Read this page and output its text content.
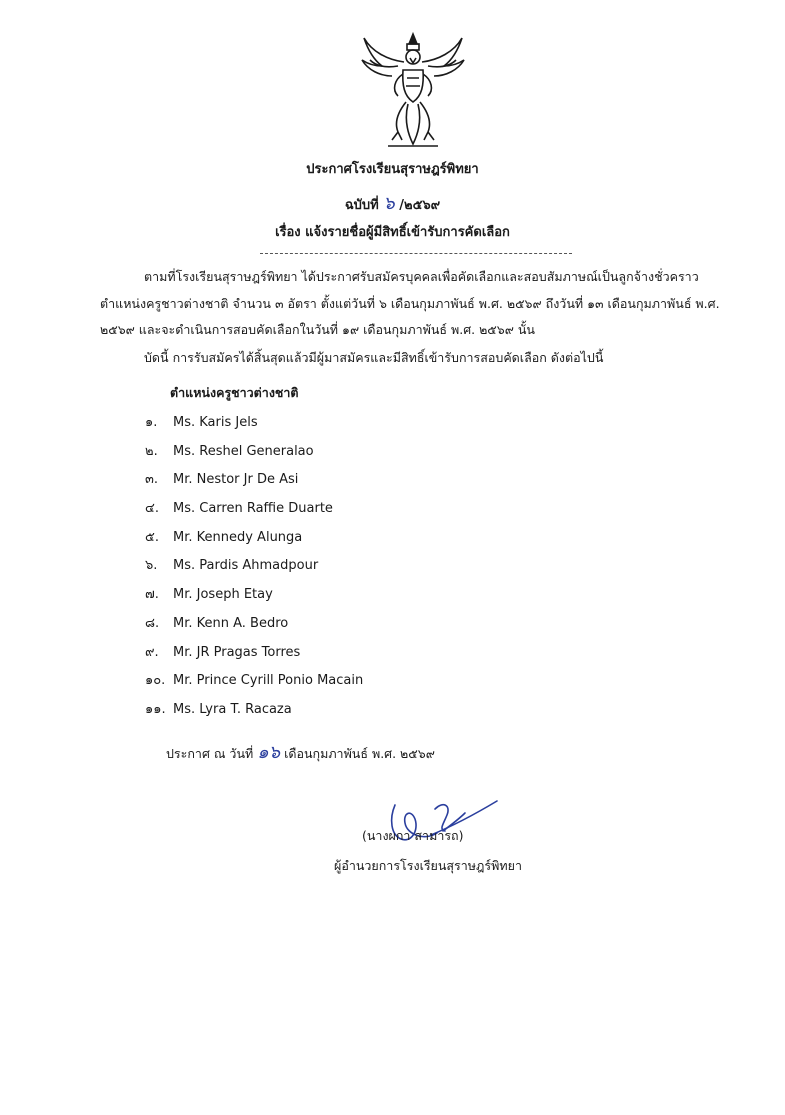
ประกาศโรงเรียนสุราษฎร์พิทยา
ฉบับที่ ๖ /๒๕๖๙
เรื่อง แจ้งรายชื่อผู้มีสิทธิ์เข้ารับการคัดเลือก
ตามที่โรงเรียนสุราษฎร์พิทยา ได้ประกาศรับสมัครบุคคลเพื่อคัดเลือกและสอบสัมภาษณ์เป็นลูกจ้างชั่วคราว ตำแหน่งครูชาวต่างชาติ จำนวน ๓ อัตรา ตั้งแต่วันที่ ๖ เดือนกุมภาพันธ์ พ.ศ. ๒๕๖๙ ถึงวันที่ ๑๓ เดือนกุมภาพันธ์ พ.ศ. ๒๕๖๙ และจะดำเนินการสอบคัดเลือกในวันที่ ๑๙ เดือนกุมภาพันธ์ พ.ศ. ๒๕๖๙ นั้น
บัดนี้ การรับสมัครได้สิ้นสุดแล้วมีผู้มาสมัครและมีสิทธิ์เข้ารับการสอบคัดเลือก ดังต่อไปนี้
ตำแหน่งครูชาวต่างชาติ
๑. Ms. Karis Jels
๒. Ms. Reshel Generalao
๓. Mr. Nestor Jr De Asi
๔. Ms. Carren Raffie Duarte
๕. Mr. Kennedy Alunga
๖. Ms. Pardis Ahmadpour
๗. Mr. Joseph Etay
๘. Mr. Kenn A. Bedro
๙. Mr. JR Pragas Torres
๑๐. Mr. Prince Cyrill Ponio Macain
๑๑. Ms. Lyra T. Racaza
ประกาศ ณ วันที่ ๑๖ เดือนกุมภาพันธ์ พ.ศ. ๒๕๖๙
(นางผกา สามารถ)
ผู้อำนวยการโรงเรียนสุราษฎร์พิทยา
